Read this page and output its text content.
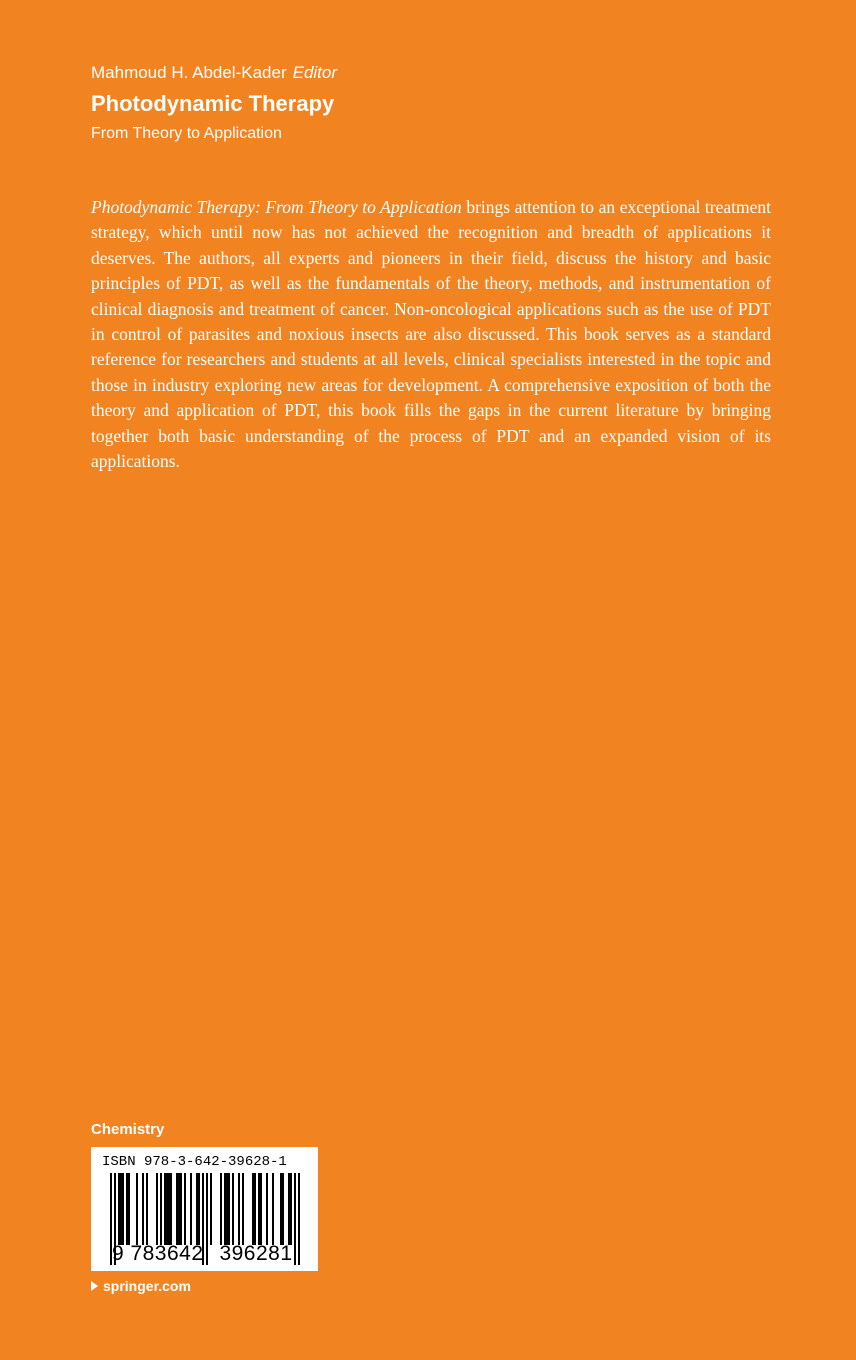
Mahmoud H. Abdel-Kader Editor
Photodynamic Therapy
From Theory to Application

Photodynamic Therapy: From Theory to Application brings attention to an exceptional treatment strategy, which until now has not achieved the recognition and breadth of applications it deserves. The authors, all experts and pioneers in their field, discuss the history and basic principles of PDT, as well as the fundamentals of the theory, methods, and instrumentation of clinical diagnosis and treatment of cancer. Non-oncological applications such as the use of PDT in control of parasites and noxious insects are also discussed. This book serves as a standard reference for researchers and students at all levels, clinical specialists interested in the topic and those in industry exploring new areas for development. A comprehensive exposition of both the theory and application of PDT, this book fills the gaps in the current literature by bringing together both basic understanding of the process of PDT and an expanded vision of its applications.

Chemistry
ISBN 978-3-642-39628-1
9 783642 396281
springer.com
